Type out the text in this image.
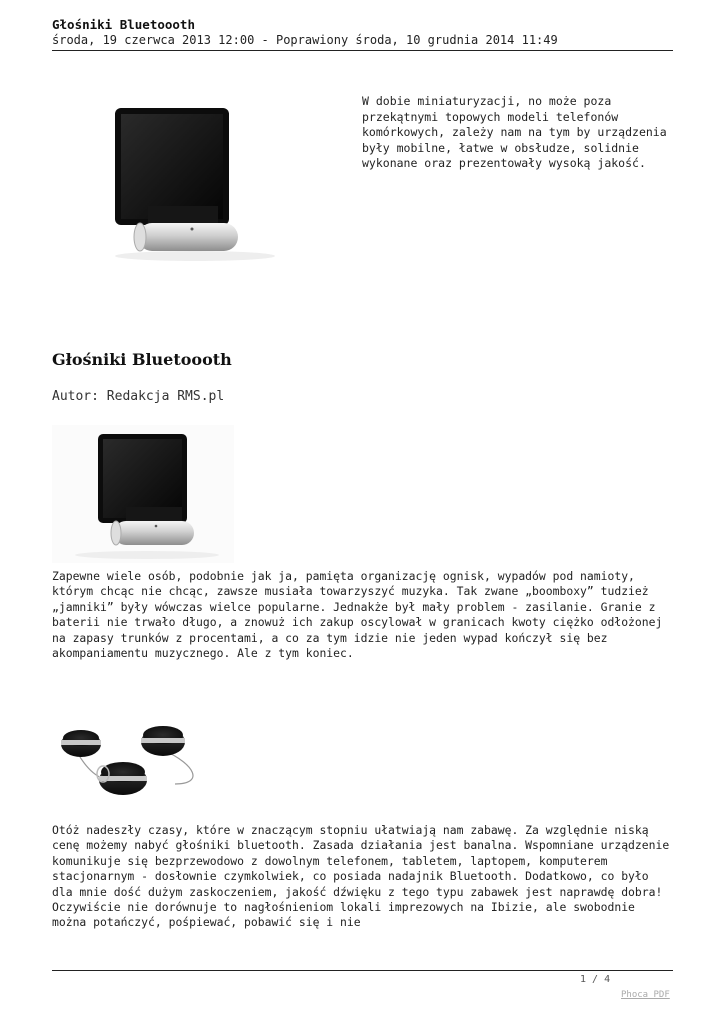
Głośniki Bluetoooth
środa, 19 czerwca 2013 12:00 - Poprawiony środa, 10 grudnia 2014 11:49
W dobie miniaturyzacji, no może poza przekątnymi topowych modeli telefonów komórkowych, zależy nam na tym by urządzenia były mobilne, łatwe w obsłudze, solidnie wykonane oraz prezentowały wysoką jakość.
Głośniki Bluetoooth
Autor: Redakcja RMS.pl
Zapewne wiele osób, podobnie jak ja, pamięta organizację ognisk, wypadów pod namioty, którym chcąc nie chcąc, zawsze musiała towarzyszyć muzyka. Tak zwane „boomboxy” tudzież „jamniki” były wówczas wielce popularne. Jednakże był mały problem - zasilanie. Granie z baterii nie trwało długo, a znowuż ich zakup oscylował w granicach kwoty ciężko odłożonej na zapasy trunków z procentami, a co za tym idzie nie jeden wypad kończył się bez akompaniamentu muzycznego. Ale z tym koniec.
Otóż nadeszły czasy, które w znaczącym stopniu ułatwiają nam zabawę. Za względnie niską cenę możemy nabyć głośniki bluetooth. Zasada działania jest banalna. Wspomniane urządzenie komunikuje się bezprzewodowo z dowolnym telefonem, tabletem, laptopem, komputerem stacjonarnym - dosłownie czymkolwiek, co posiada nadajnik Bluetooth. Dodatkowo, co było dla mnie dość dużym zaskoczeniem, jakość dźwięku z tego typu zabawek jest naprawdę dobra! Oczywiście nie dorównuje to nagłośnieniom lokali imprezowych na Ibizie, ale swobodnie można potańczyć, pośpiewać, pobawić się i nie
1 / 4
Phoca PDF
